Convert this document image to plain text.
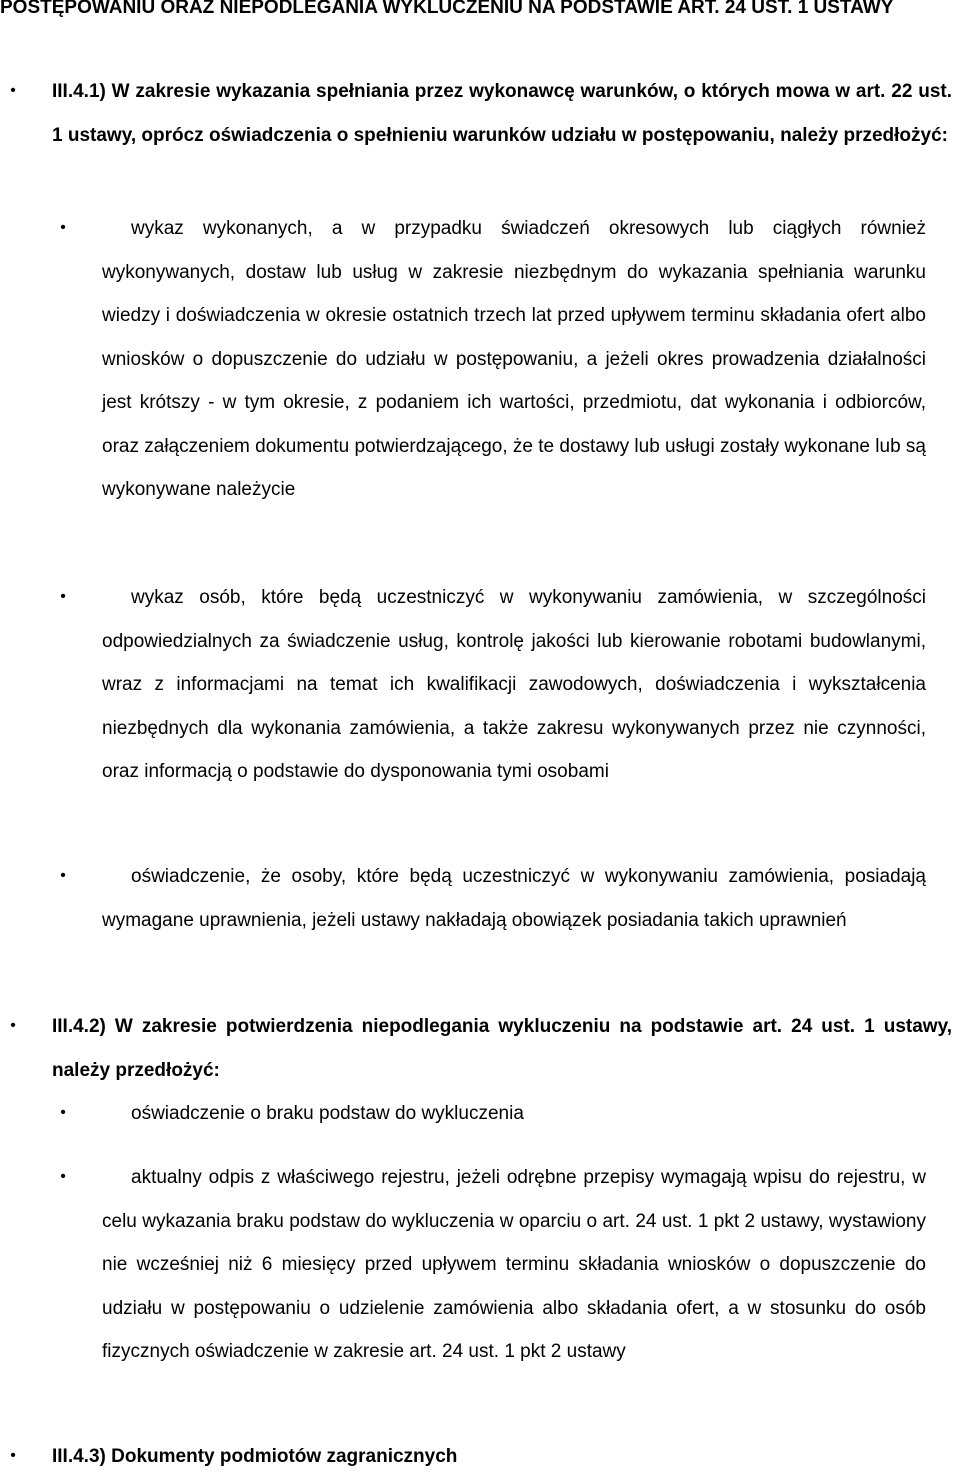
POSTĘPOWANIU ORAZ NIEPODLEGANIA WYKLUCZENIU NA PODSTAWIE ART. 24 UST. 1 USTAWY
•	III.4.1) W zakresie wykazania spełniania przez wykonawcę warunków, o których mowa w art. 22 ust. 1 ustawy, oprócz oświadczenia o spełnieniu warunków udziału w postępowaniu, należy przedłożyć:
•	wykaz wykonanych, a w przypadku świadczeń okresowych lub ciągłych również wykonywanych, dostaw lub usług w zakresie niezbędnym do wykazania spełniania warunku wiedzy i doświadczenia w okresie ostatnich trzech lat przed upływem terminu składania ofert albo wniosków o dopuszczenie do udziału w postępowaniu, a jeżeli okres prowadzenia działalności jest krótszy - w tym okresie, z podaniem ich wartości, przedmiotu, dat wykonania i odbiorców, oraz załączeniem dokumentu potwierdzającego, że te dostawy lub usługi zostały wykonane lub są wykonywane należycie
•	wykaz osób, które będą uczestniczyć w wykonywaniu zamówienia, w szczególności odpowiedzialnych za świadczenie usług, kontrolę jakości lub kierowanie robotami budowlanymi, wraz z informacjami na temat ich kwalifikacji zawodowych, doświadczenia i wykształcenia niezbędnych dla wykonania zamówienia, a także zakresu wykonywanych przez nie czynności, oraz informacją o podstawie do dysponowania tymi osobami
•	oświadczenie, że osoby, które będą uczestniczyć w wykonywaniu zamówienia, posiadają wymagane uprawnienia, jeżeli ustawy nakładają obowiązek posiadania takich uprawnień
•	III.4.2) W zakresie potwierdzenia niepodlegania wykluczeniu na podstawie art. 24 ust. 1 ustawy, należy przedłożyć:
•	oświadczenie o braku podstaw do wykluczenia
•	aktualny odpis z właściwego rejestru, jeżeli odrębne przepisy wymagają wpisu do rejestru, w celu wykazania braku podstaw do wykluczenia w oparciu o art. 24 ust. 1 pkt 2 ustawy, wystawiony nie wcześniej niż 6 miesięcy przed upływem terminu składania wniosków o dopuszczenie do udziału w postępowaniu o udzielenie zamówienia albo składania ofert, a w stosunku do osób fizycznych oświadczenie w zakresie art. 24 ust. 1 pkt 2 ustawy
•	III.4.3) Dokumenty podmiotów zagranicznych
